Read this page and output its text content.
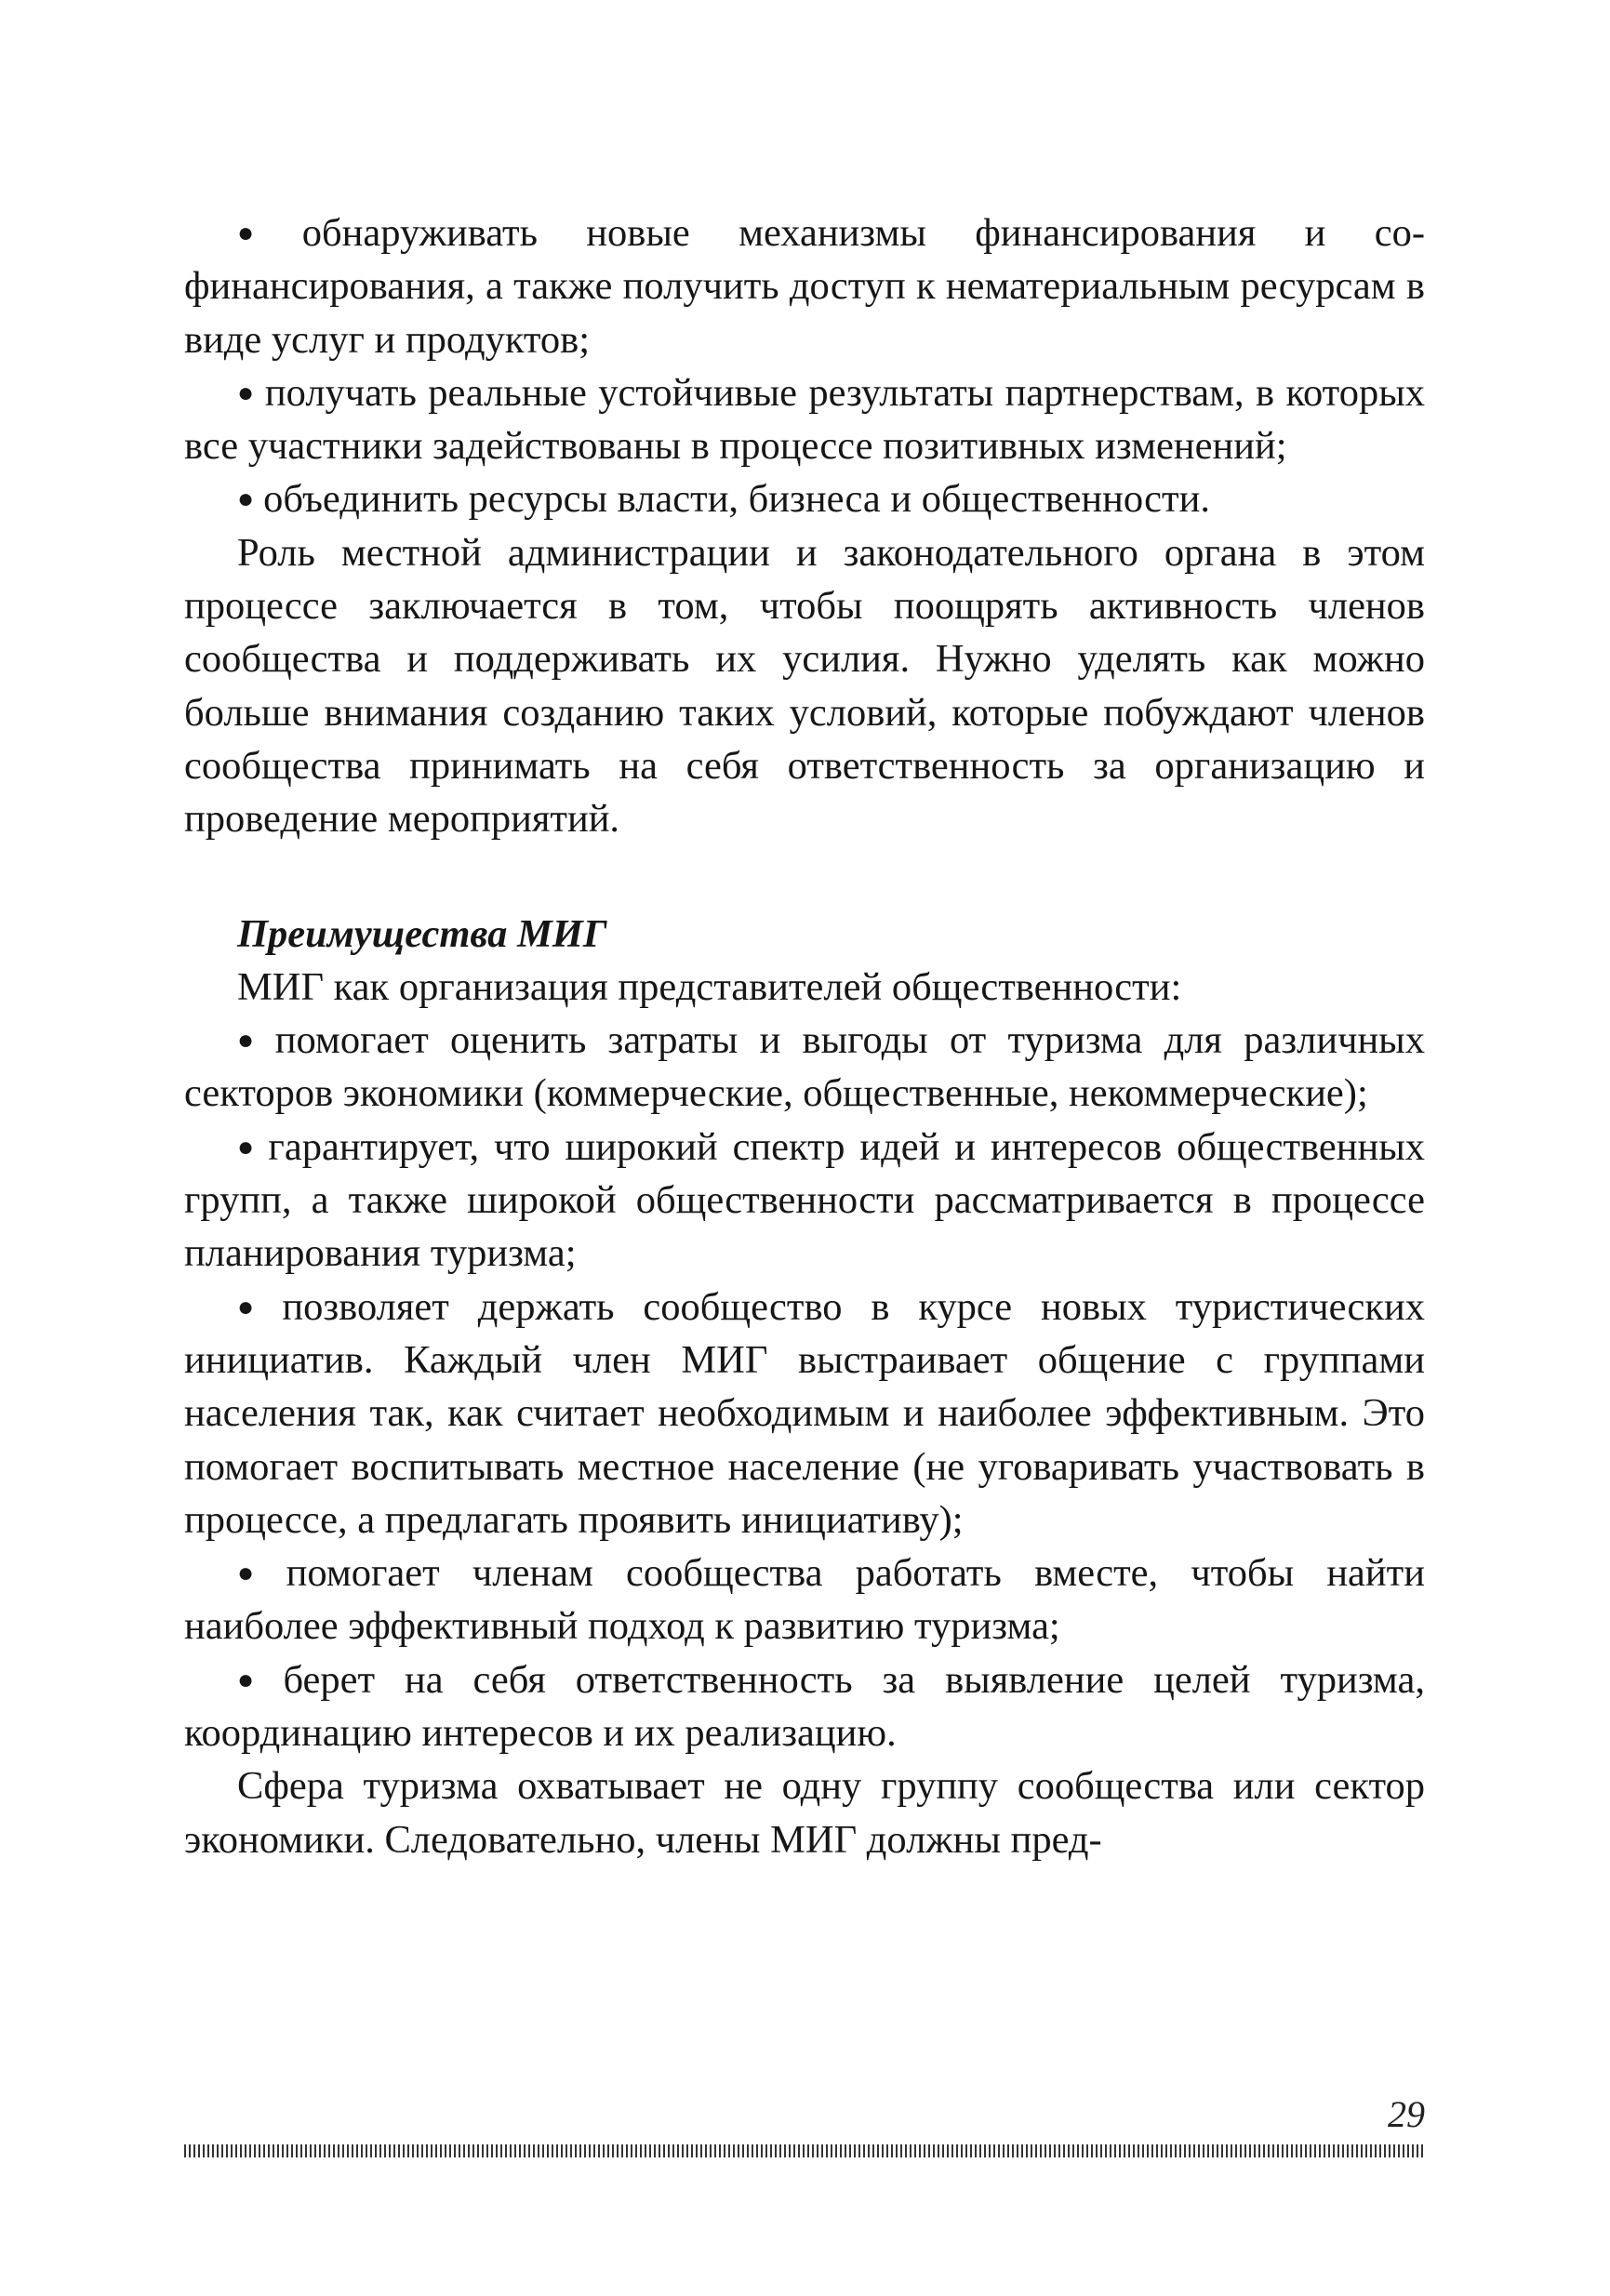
● обнаруживать новые механизмы финансирования и софинансирования, а также получить доступ к нематериальным ресурсам в виде услуг и продуктов;

● получать реальные устойчивые результаты партнерствам, в которых все участники задействованы в процессе позитивных изменений;

● объединить ресурсы власти, бизнеса и общественности.

Роль местной администрации и законодательного органа в этом процессе заключается в том, чтобы поощрять активность членов сообщества и поддерживать их усилия. Нужно уделять как можно больше внимания созданию таких условий, которые побуждают членов сообщества принимать на себя ответственность за организацию и проведение мероприятий.

Преимущества МИГ

МИГ как организация представителей общественности:

● помогает оценить затраты и выгоды от туризма для различных секторов экономики (коммерческие, общественные, некоммерческие);

● гарантирует, что широкий спектр идей и интересов общественных групп, а также широкой общественности рассматривается в процессе планирования туризма;

● позволяет держать сообщество в курсе новых туристических инициатив. Каждый член МИГ выстраивает общение с группами населения так, как считает необходимым и наиболее эффективным. Это помогает воспитывать местное население (не уговаривать участвовать в процессе, а предлагать проявить инициативу);

● помогает членам сообщества работать вместе, чтобы найти наиболее эффективный подход к развитию туризма;

● берет на себя ответственность за выявление целей туризма, координацию интересов и их реализацию.

Сфера туризма охватывает не одну группу сообщества или сектор экономики. Следовательно, члены МИГ должны пред-

29
